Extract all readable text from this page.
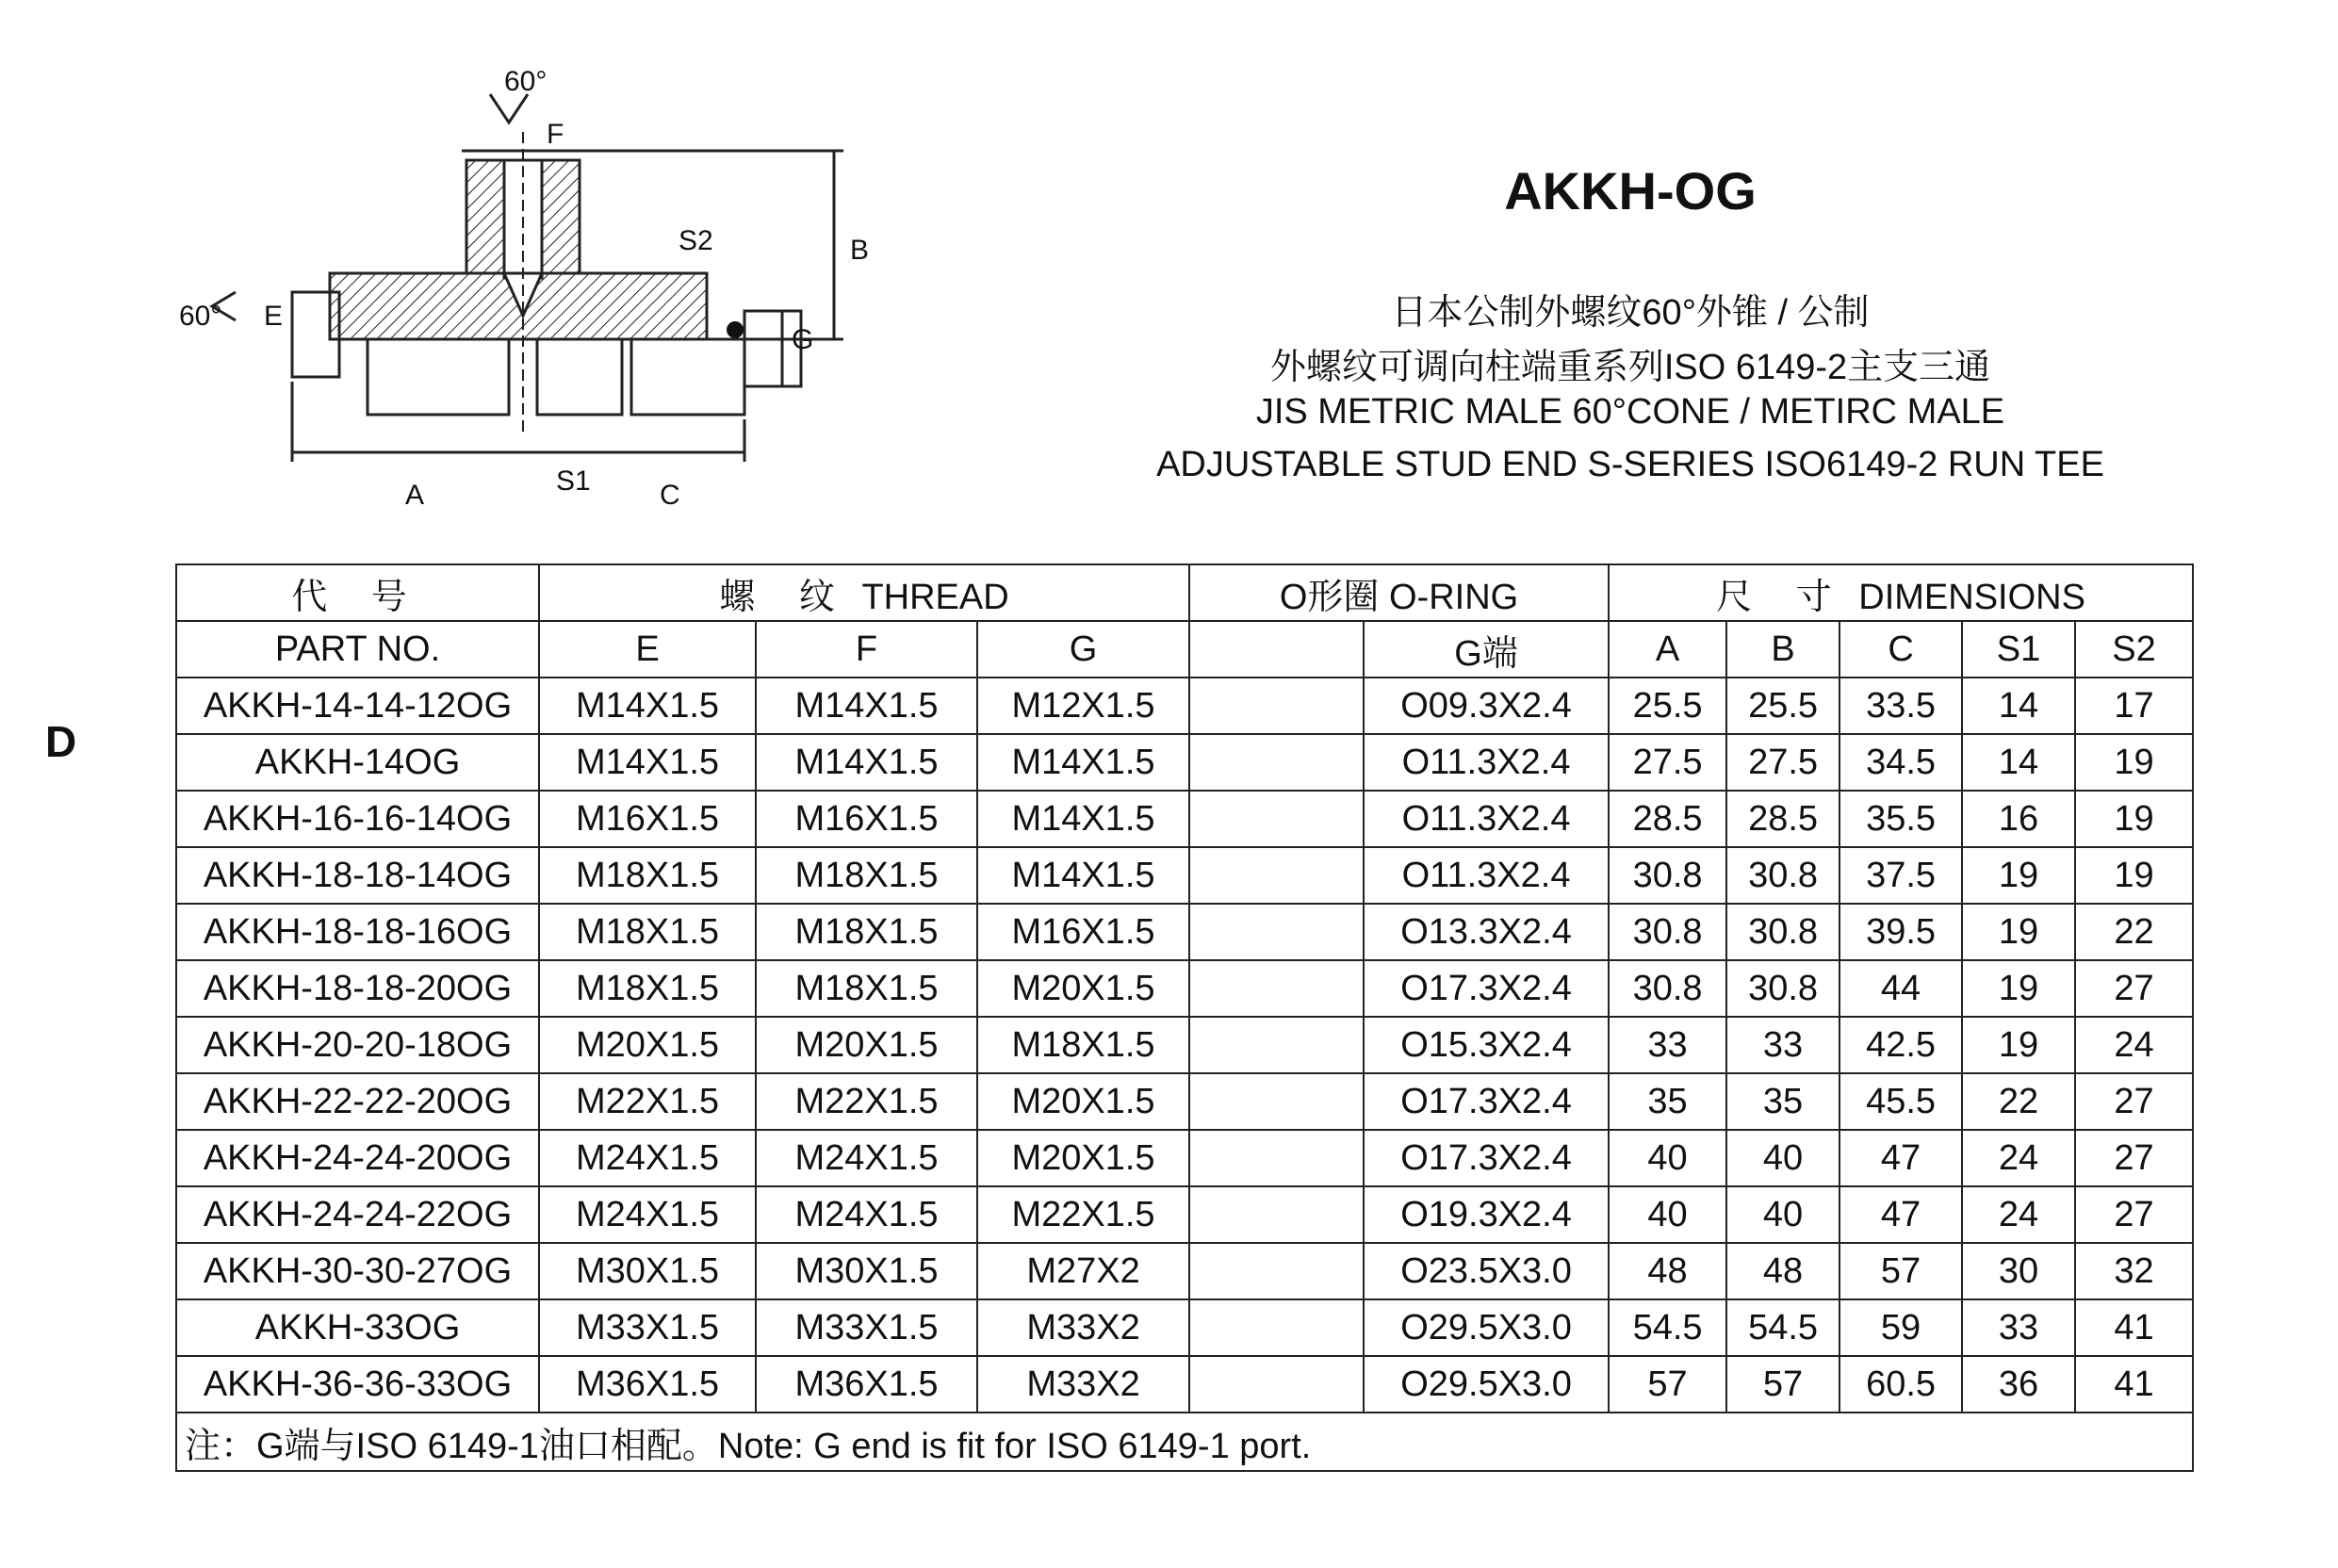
60°
F
S2	B
G
60° E
A	S1 C
AKKH-OG
日本公制外螺纹60°外锥 / 公制
外螺纹可调向柱端重系列ISO 6149-2主支三通
JIS METRIC MALE 60°CONE / METIRC MALE
ADJUSTABLE STUD END S-SERIES ISO6149-2 RUN TEE
D
代 号	螺 纹 THREAD			O形圈 O-RING		尺 寸 DIMENSIONS				
PART NO.	E	F	G		G端	A	B	C	S1	S2
AKKH-14-14-12OG	M14X1.5	M14X1.5	M12X1.5		O09.3X2.4	25.5	25.5	33.5	14	17
AKKH-14OG	M14X1.5	M14X1.5	M14X1.5		O11.3X2.4	27.5	27.5	34.5	14	19
AKKH-16-16-14OG	M16X1.5	M16X1.5	M14X1.5		O11.3X2.4	28.5	28.5	35.5	16	19
AKKH-18-18-14OG	M18X1.5	M18X1.5	M14X1.5		O11.3X2.4	30.8	30.8	37.5	19	19
AKKH-18-18-16OG	M18X1.5	M18X1.5	M16X1.5		O13.3X2.4	30.8	30.8	39.5	19	22
AKKH-18-18-20OG	M18X1.5	M18X1.5	M20X1.5		O17.3X2.4	30.8	30.8	44	19	27
AKKH-20-20-18OG	M20X1.5	M20X1.5	M18X1.5		O15.3X2.4	33	33	42.5	19	24
AKKH-22-22-20OG	M22X1.5	M22X1.5	M20X1.5		O17.3X2.4	35	35	45.5	22	27
AKKH-24-24-20OG	M24X1.5	M24X1.5	M20X1.5		O17.3X2.4	40	40	47	24	27
AKKH-24-24-22OG	M24X1.5	M24X1.5	M22X1.5		O19.3X2.4	40	40	47	24	27
AKKH-30-30-27OG	M30X1.5	M30X1.5	M27X2		O23.5X3.0	48	48	57	30	32
AKKH-33OG	M33X1.5	M33X1.5	M33X2		O29.5X3.0	54.5	54.5	59	33	41
AKKH-36-36-33OG	M36X1.5	M36X1.5	M33X2		O29.5X3.0	57	57	60.5	36	41
注：G端与ISO 6149-1油口相配。Note: G end is fit for ISO 6149-1 port.										
